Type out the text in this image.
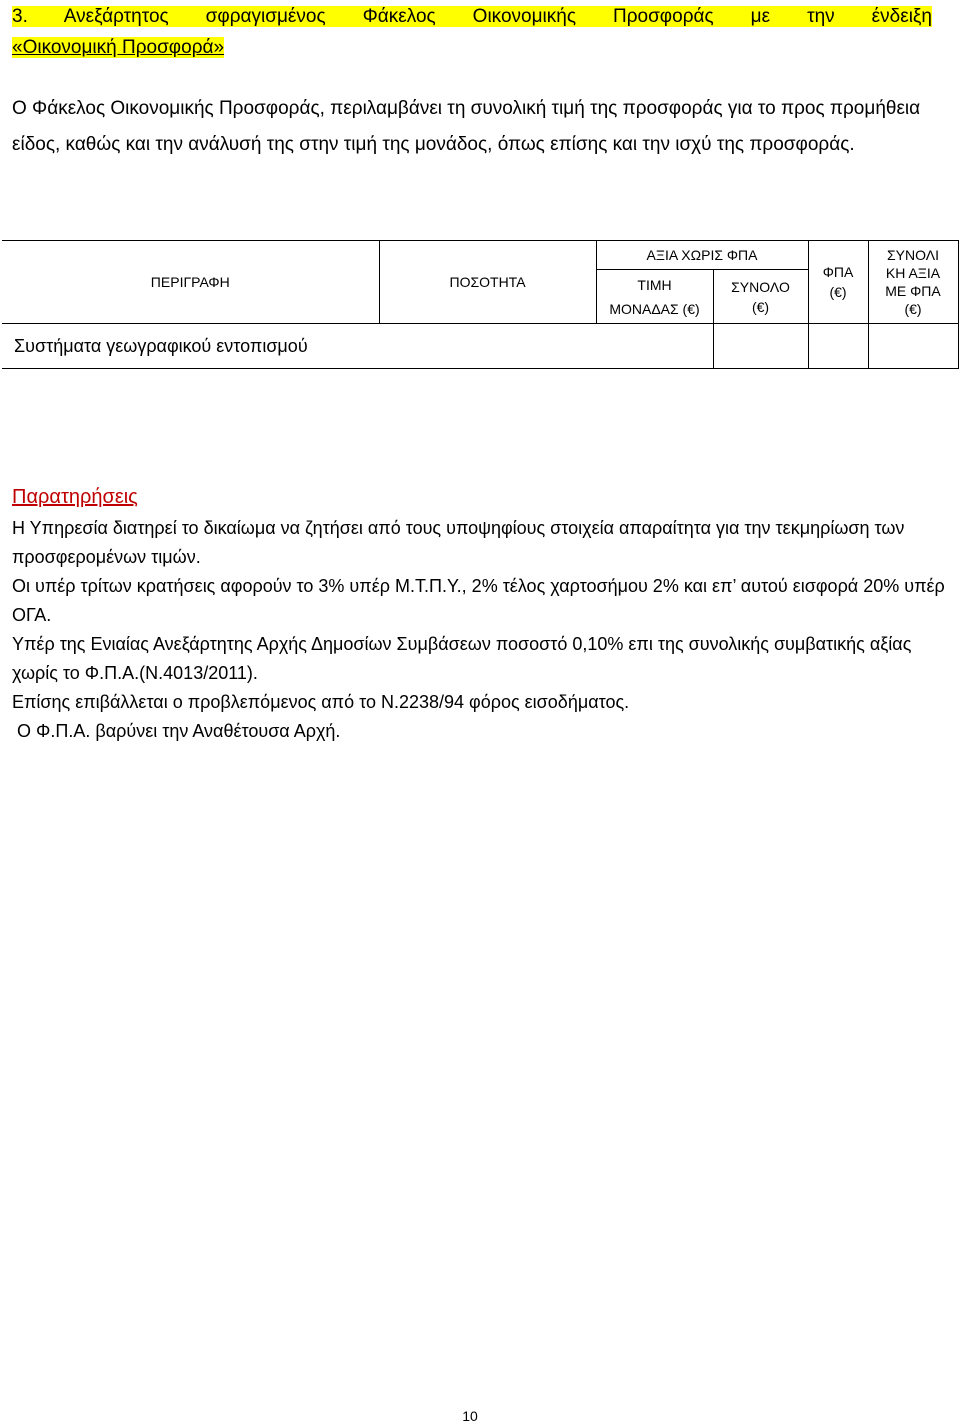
3. Ανεξάρτητος σφραγισμένος Φάκελος Οικονομικής Προσφοράς με την ένδειξη
«Οικονομική Προσφορά»
Ο Φάκελος Οικονομικής Προσφοράς, περιλαμβάνει τη συνολική τιμή της προσφοράς για το προς προμήθεια είδος, καθώς και την ανάλυσή της στην τιμή της μονάδος, όπως επίσης και την ισχύ της προσφοράς.
ΠΕΡΙΓΡΑΦΗ	ΠΟΣΟΤΗΤΑ	ΑΞΙΑ ΧΩΡΙΣ ΦΠΑ		ΦΠΑ (€)	ΣΥΝΟΛΙ ΚΗ ΑΞΙΑ ΜΕ ΦΠΑ (€)

		ΤΙΜΗ ΜΟΝΑΔΑΣ (€)	ΣΥΝΟΛΟ (€)		

Συστήματα γεωγραφικού εντοπισμού					
Παρατηρήσεις

Η Υπηρεσία διατηρεί το δικαίωμα να ζητήσει από τους υποψηφίους στοιχεία απαραίτητα για την τεκμηρίωση των προσφερομένων τιμών.

Οι υπέρ τρίτων κρατήσεις αφορούν το 3% υπέρ Μ.Τ.Π.Υ., 2% τέλος χαρτοσήμου 2% και επ’ αυτού εισφορά 20% υπέρ ΟΓΑ.

Υπέρ της Ενιαίας Ανεξάρτητης Αρχής Δημοσίων Συμβάσεων ποσοστό 0,10% επι της συνολικής συμβατικής αξίας χωρίς το Φ.Π.Α.(Ν.4013/2011).

Επίσης επιβάλλεται ο προβλεπόμενος από το Ν.2238/94 φόρος εισοδήματος.

Ο Φ.Π.Α. βαρύνει την Αναθέτουσα Αρχή.

10
